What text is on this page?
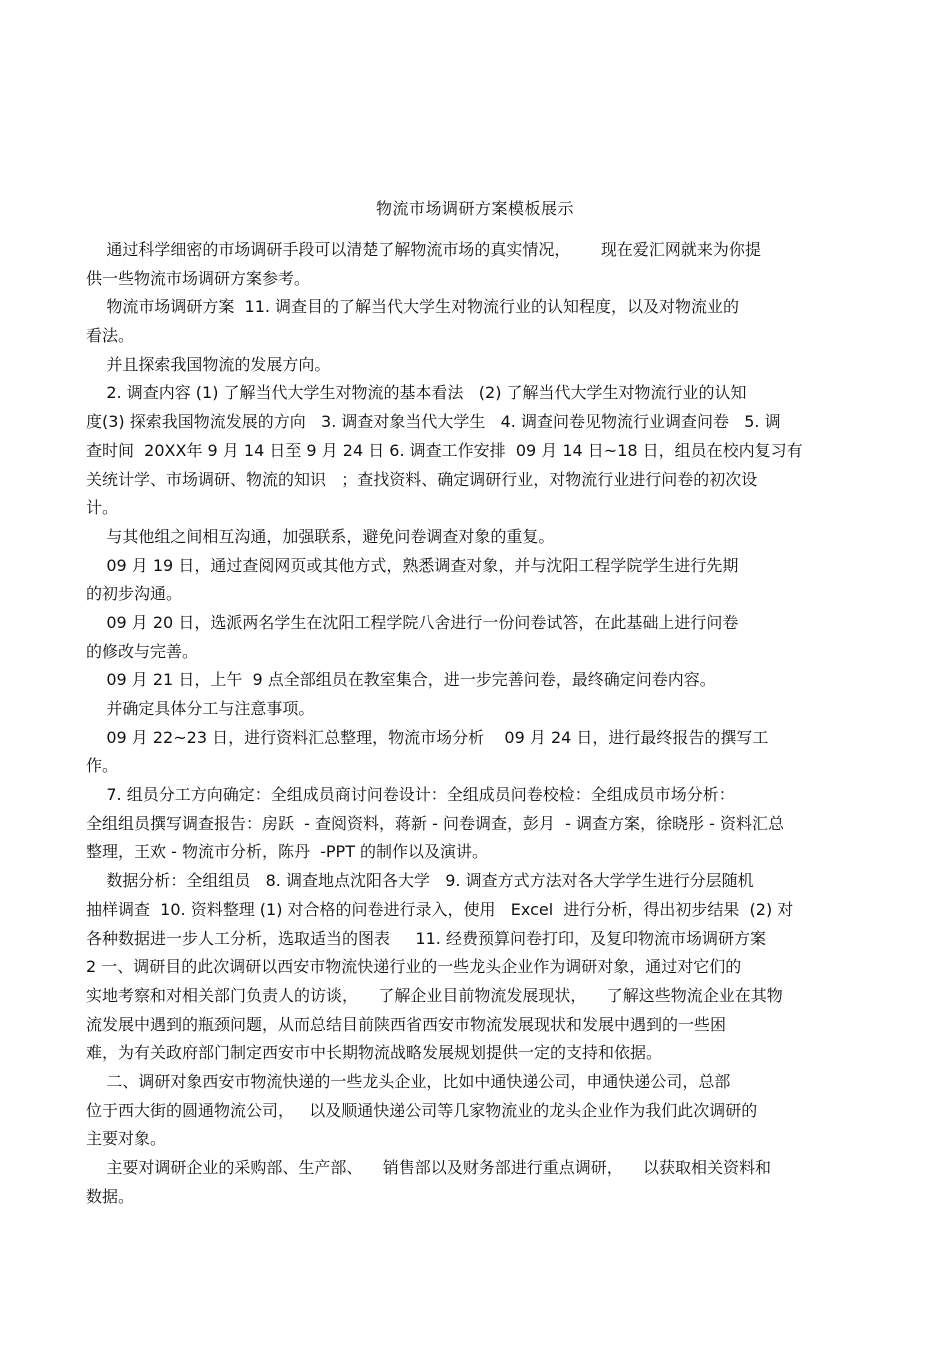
物流市场调研方案模板展示
通过科学细密的市场调研手段可以清楚了解物流市场的真实情况，      现在爱汇网就来为你提
供一些物流市场调研方案参考。
物流市场调研方案  11. 调查目的了解当代大学生对物流行业的认知程度，以及对物流业的
看法。
并且探索我国物流的发展方向。
2. 调查内容 (1) 了解当代大学生对物流的基本看法   (2) 了解当代大学生对物流行业的认知
度(3) 探索我国物流发展的方向   3. 调查对象当代大学生   4. 调查问卷见物流行业调查问卷   5. 调
查时间  20XX年 9 月 14 日至 9 月 24 日 6. 调查工作安排  09 月 14 日~18 日，组员在校内复习有
关统计学、市场调研、物流的知识   ；查找资料、确定调研行业，对物流行业进行问卷的初次设
计。
与其他组之间相互沟通，加强联系，避免问卷调查对象的重复。
09 月 19 日，通过查阅网页或其他方式，熟悉调查对象，并与沈阳工程学院学生进行先期
的初步沟通。
09 月 20 日，选派两名学生在沈阳工程学院八舍进行一份问卷试答，在此基础上进行问卷
的修改与完善。
09 月 21 日，上午  9 点全部组员在教室集合，进一步完善问卷，最终确定问卷内容。
并确定具体分工与注意事项。
09 月 22~23 日，进行资料汇总整理，物流市场分析    09 月 24 日，进行最终报告的撰写工
作。
7. 组员分工方向确定：全组成员商讨问卷设计：全组成员问卷校检：全组成员市场分析：
全组组员撰写调查报告：房跃  - 查阅资料，蒋新 - 问卷调查，彭月  - 调查方案，徐晓彤 - 资料汇总
整理，王欢 - 物流市分析，陈丹  -PPT 的制作以及演讲。
数据分析：全组组员   8. 调查地点沈阳各大学   9. 调查方式方法对各大学学生进行分层随机
抽样调查  10. 资料整理 (1) 对合格的问卷进行录入，使用   Excel  进行分析，得出初步结果  (2) 对
各种数据进一步人工分析，选取适当的图表     11. 经费预算问卷打印，及复印物流市场调研方案
2 一、调研目的此次调研以西安市物流快递行业的一些龙头企业作为调研对象，通过对它们的
实地考察和对相关部门负责人的访谈，    了解企业目前物流发展现状，    了解这些物流企业在其物
流发展中遇到的瓶颈问题，从而总结目前陕西省西安市物流发展现状和发展中遇到的一些困
难，为有关政府部门制定西安市中长期物流战略发展规划提供一定的支持和依据。
二、调研对象西安市物流快递的一些龙头企业，比如中通快递公司，申通快递公司，总部
位于西大街的圆通物流公司，   以及顺通快递公司等几家物流业的龙头企业作为我们此次调研的
主要对象。
主要对调研企业的采购部、生产部、    销售部以及财务部进行重点调研，    以获取相关资料和
数据。
